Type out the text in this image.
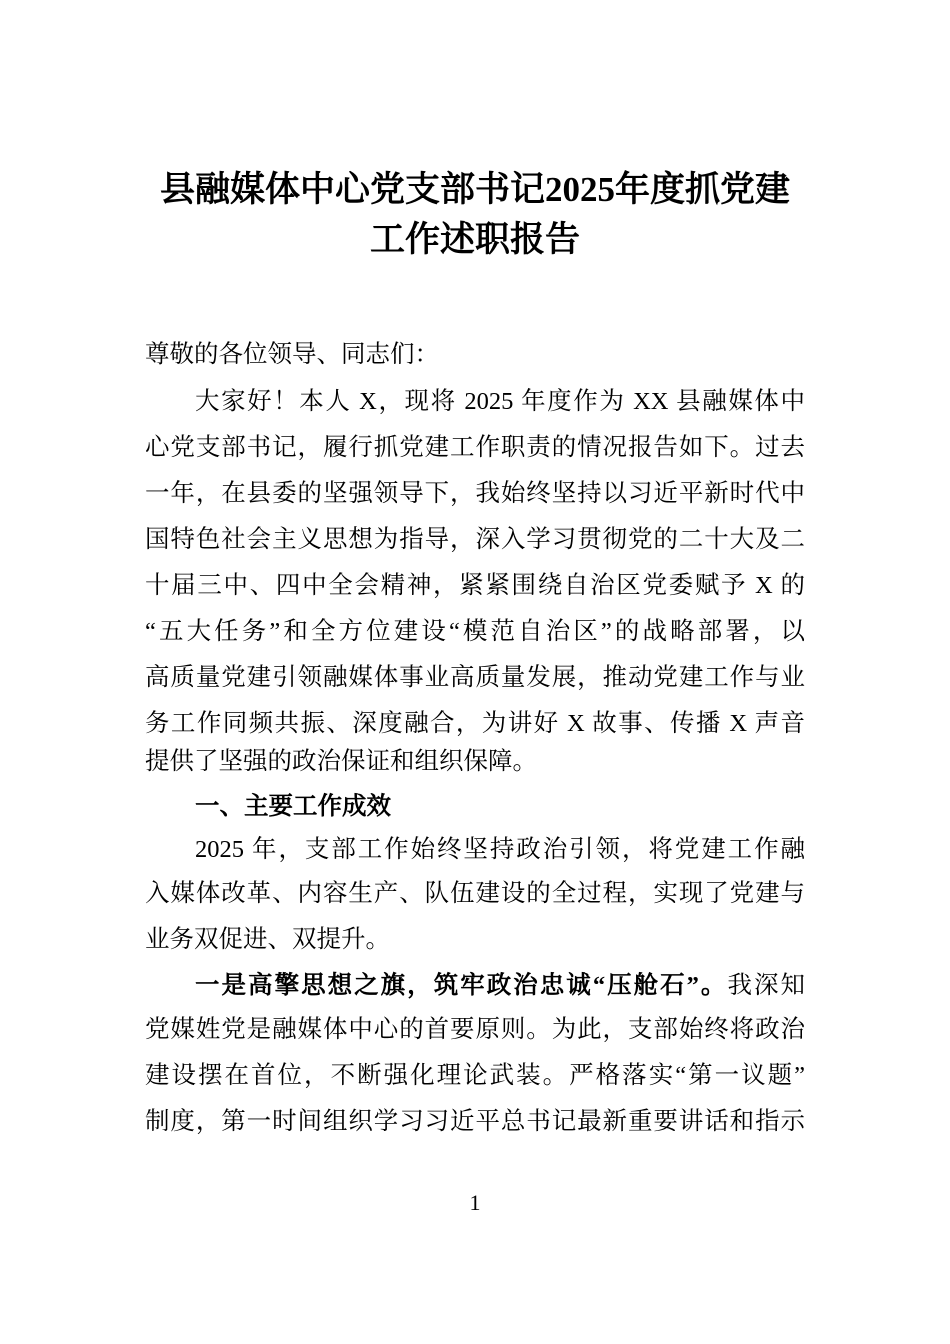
县融媒体中心党支部书记2025年度抓党建
工作述职报告
尊敬的各位领导、同志们：
大家好！本人 X，现将 2025 年度作为 XX 县融媒体中
心党支部书记，履行抓党建工作职责的情况报告如下。过去
一年，在县委的坚强领导下，我始终坚持以习近平新时代中
国特色社会主义思想为指导，深入学习贯彻党的二十大及二
十届三中、四中全会精神，紧紧围绕自治区党委赋予 X 的
“五大任务”和全方位建设“模范自治区”的战略部署，以
高质量党建引领融媒体事业高质量发展，推动党建工作与业
务工作同频共振、深度融合，为讲好 X 故事、传播 X 声音
提供了坚强的政治保证和组织保障。
一、主要工作成效
2025 年，支部工作始终坚持政治引领，将党建工作融
入媒体改革、内容生产、队伍建设的全过程，实现了党建与
业务双促进、双提升。
一是高擎思想之旗，筑牢政治忠诚“压舱石”。我深知
党媒姓党是融媒体中心的首要原则。为此，支部始终将政治
建设摆在首位，不断强化理论武装。严格落实“第一议题”
制度，第一时间组织学习习近平总书记最新重要讲话和指示
1
